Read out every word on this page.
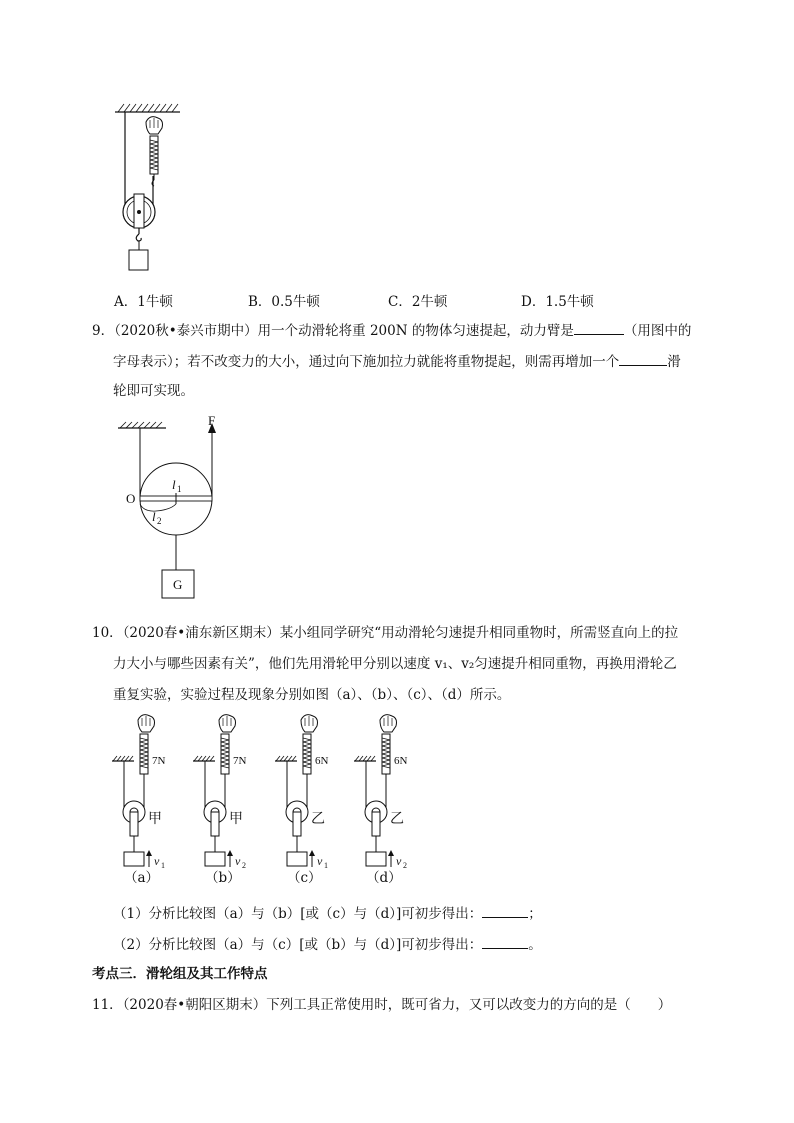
A．1牛顿	B．0.5牛顿	C．2牛顿	D．1.5牛顿
9．（2020秋•泰兴市期中）用一个动滑轮将重 200N 的物体匀速提起，动力臂是	（用图中的
字母表示）；若不改变力的大小，通过向下施加拉力就能将重物提起，则需再增加一个	滑
轮即可实现。
F
G
O
l 1
l 2
10．（2020春•浦东新区期末）某小组同学研究“用动滑轮匀速提升相同重物时，所需竖直向上的拉
力大小与哪些因素有关”，他们先用滑轮甲分别以速度 v₁、v₂匀速提升相同重物，再换用滑轮乙
重复实验，实验过程及现象分别如图（a）、（b）、（c）、（d）所示。
7N
甲
v 1
7N
甲
v 2
6N
乙
v 1
6N
乙
v 2
（a）	（b）	（c）	（d）
（1）分析比较图（a）与（b）[或（c）与（d）]可初步得出：	；
（2）分析比较图（a）与（c）[或（b）与（d）]可初步得出：	。
考点三．滑轮组及其工作特点
11．（2020春•朝阳区期末）下列工具正常使用时，既可省力，又可以改变力的方向的是（　　）
